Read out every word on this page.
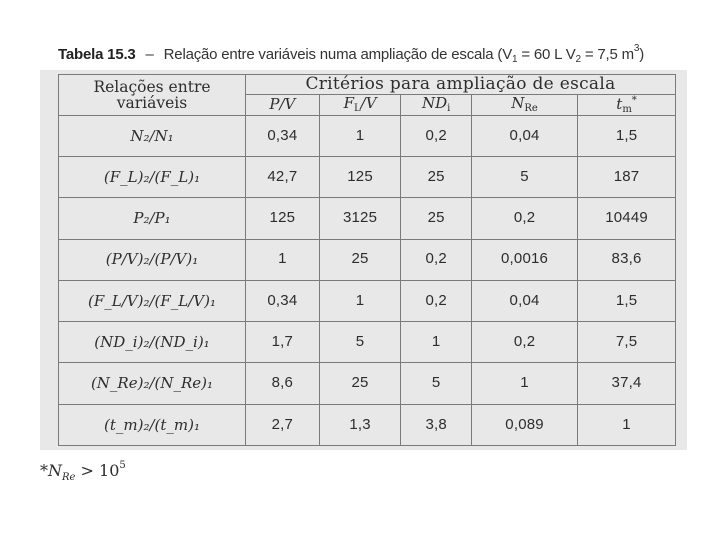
Tabela 15.3 – Relação entre variáveis numa ampliação de escala ($V_1 = 60$ L $V_2 = 7,5$ $m^3$)
Relações entre variáveis	Critérios para ampliação de escala				
	P/V	$F_L/V$	$ND_i$	$N_{Re}$	$t_m^*$
N₂/N₁	0,34	1	0,2	0,04	1,5
(F_L)₂/(F_L)₁	42,7	125	25	5	187
P₂/P₁	125	3125	25	0,2	10449
(P/V)₂/(P/V)₁	1	25	0,2	0,0016	83,6
(F_L/V)₂/(F_L/V)₁	0,34	1	0,2	0,04	1,5
(ND_i)₂/(ND_i)₁	1,7	5	1	0,2	7,5
(N_Re)₂/(N_Re)₁	8,6	25	5	1	37,4
(t_m)₂/(t_m)₁	2,7	1,3	3,8	0,089	1
$*N_{Re} > 10^5$
